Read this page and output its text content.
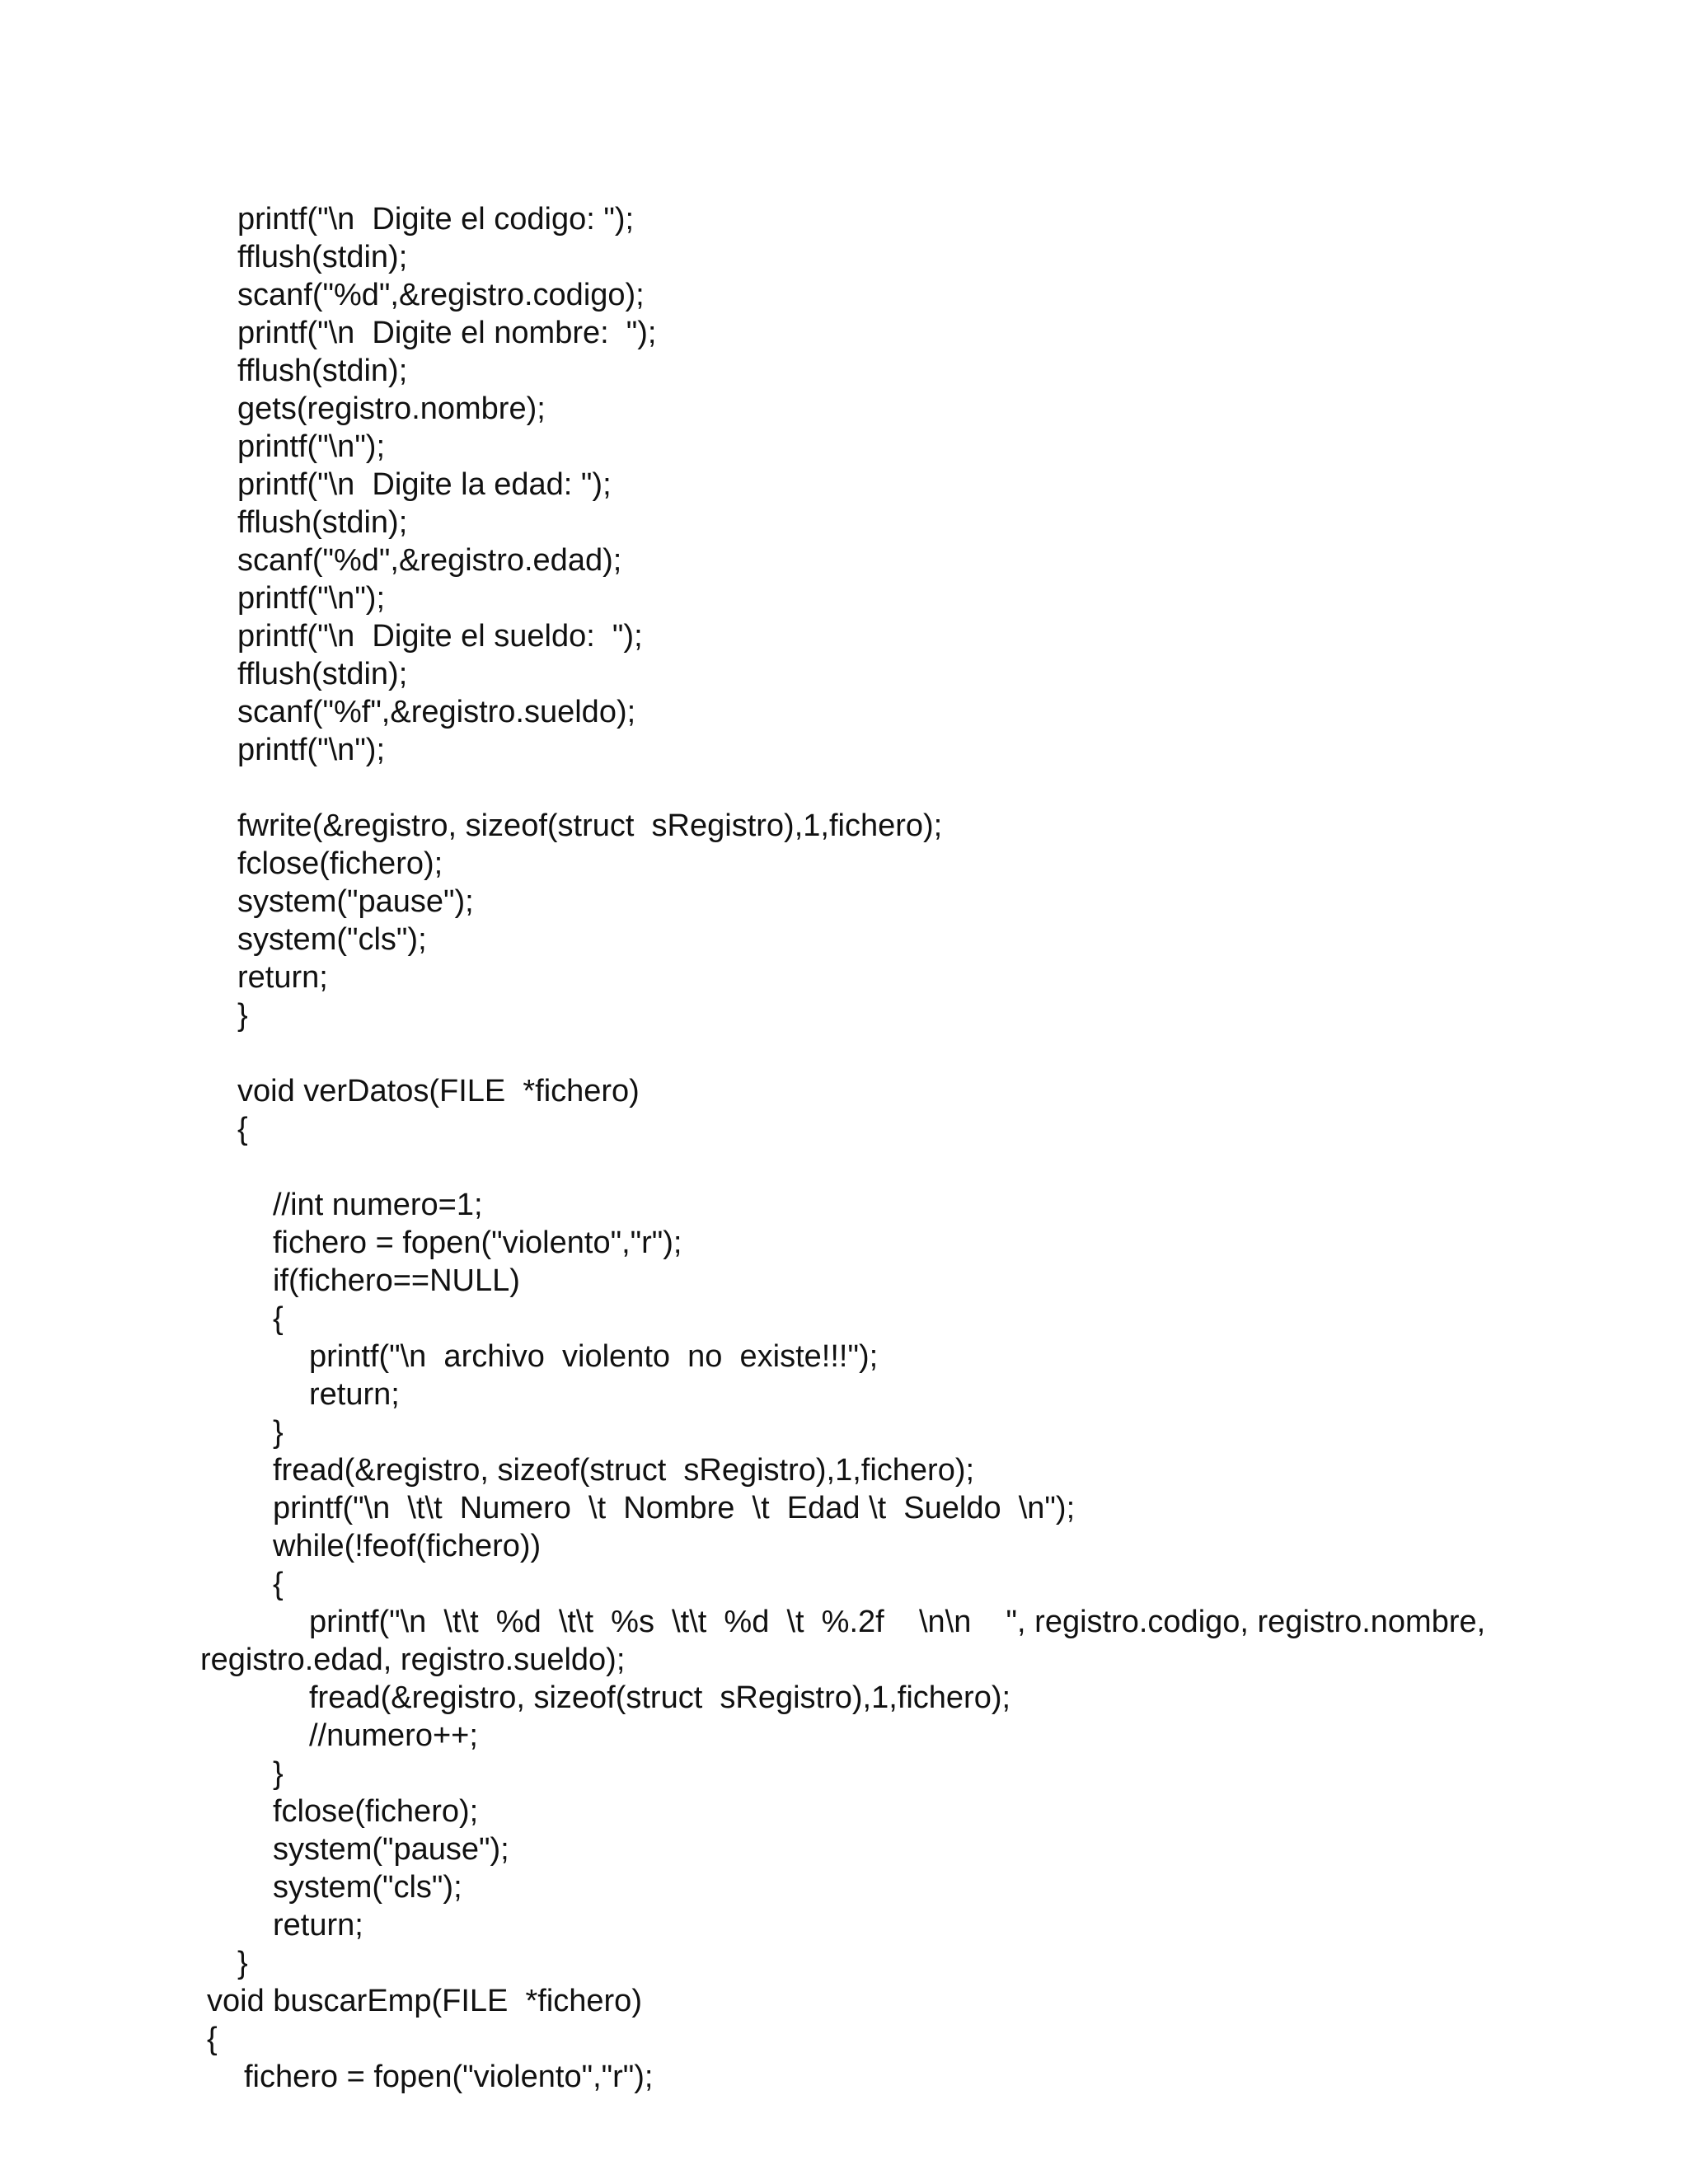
printf("\n  Digite el codigo: ");
fflush(stdin);
scanf("%d",&registro.codigo);
printf("\n  Digite el nombre:  ");
fflush(stdin);
gets(registro.nombre);
printf("\n");
printf("\n  Digite la edad: ");
fflush(stdin);
scanf("%d",&registro.edad);
printf("\n");
printf("\n  Digite el sueldo:  ");
fflush(stdin);
scanf("%f",&registro.sueldo);
printf("\n");
fwrite(&registro, sizeof(struct  sRegistro),1,fichero);
fclose(fichero);
system("pause");
system("cls");
return;
}
void verDatos(FILE  *fichero)
{
//int numero=1;
fichero = fopen("violento","r");
if(fichero==NULL)
{
printf("\n  archivo  violento  no  existe!!!");
return;
}
fread(&registro, sizeof(struct  sRegistro),1,fichero);
printf("\n  \t\t  Numero  \t  Nombre  \t  Edad \t  Sueldo  \n");
while(!feof(fichero))
{
printf("\n  \t\t  %d  \t\t  %s  \t\t  %d  \t  %.2f    \n\n    ", registro.codigo, registro.nombre,
registro.edad, registro.sueldo);
fread(&registro, sizeof(struct  sRegistro),1,fichero);
//numero++;
}
fclose(fichero);
system("pause");
system("cls");
return;
}
void buscarEmp(FILE  *fichero)
{
fichero = fopen("violento","r");
